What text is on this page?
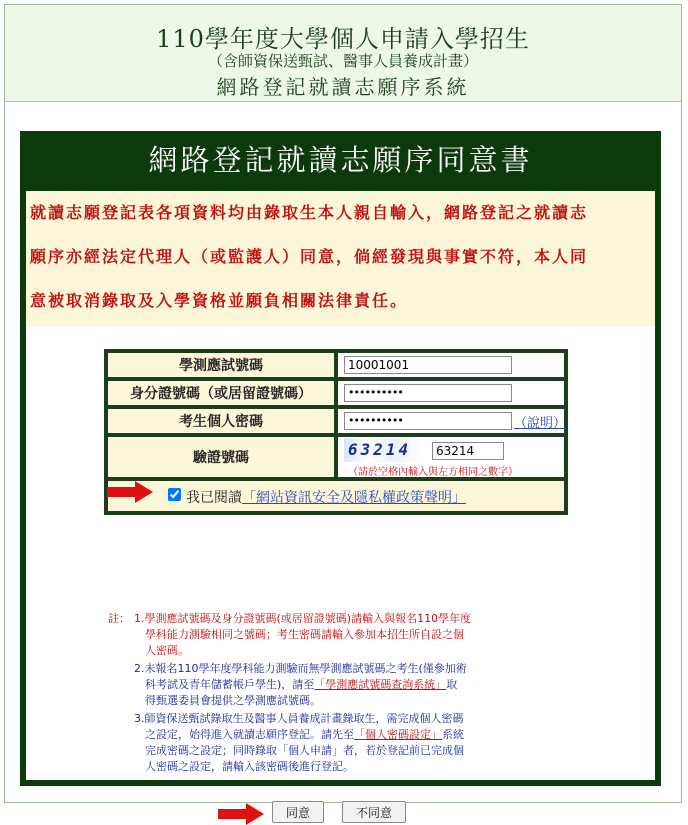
110學年度大學個人申請入學招生
（含師資保送甄試、醫事人員養成計畫）
網路登記就讀志願序系統
網路登記就讀志願序同意書

就讀志願登記表各項資料均由錄取生本人親自輸入，網路登記之就讀志

願序亦經法定代理人（或監護人）同意，倘經發現與事實不符，本人同

意被取消錄取及入學資格並願負相關法律責任。

學測應試號碼	10001001
身分證號碼（或居留證號碼）	••••••••••
考生個人密碼	••••••••••	（說明）
驗證號碼	63214	63214
（請於空格內輸入與左方相同之數字）
我已閱讀「網站資訊安全及隱私權政策聲明」
註： 1.學測應試號碼及身分證號碼(或居留證號碼)請輸入與報名110學年度
學科能力測驗相同之號碼；考生密碼請輸入參加本招生所自設之個
人密碼。
2.未報名110學年度學科能力測驗而無學測應試號碼之考生(僅參加術
科考試及青年儲蓄帳戶學生)，請至「學測應試號碼查詢系統」取
得甄選委員會提供之學測應試號碼。
3.師資保送甄試錄取生及醫事人員養成計畫錄取生，需完成個人密碼
之設定，始得進入就讀志願序登記。請先至「個人密碼設定」系統
完成密碼之設定；同時錄取「個人申請」者，若於登記前已完成個
人密碼之設定，請輸入該密碼後進行登記。
同意	不同意
